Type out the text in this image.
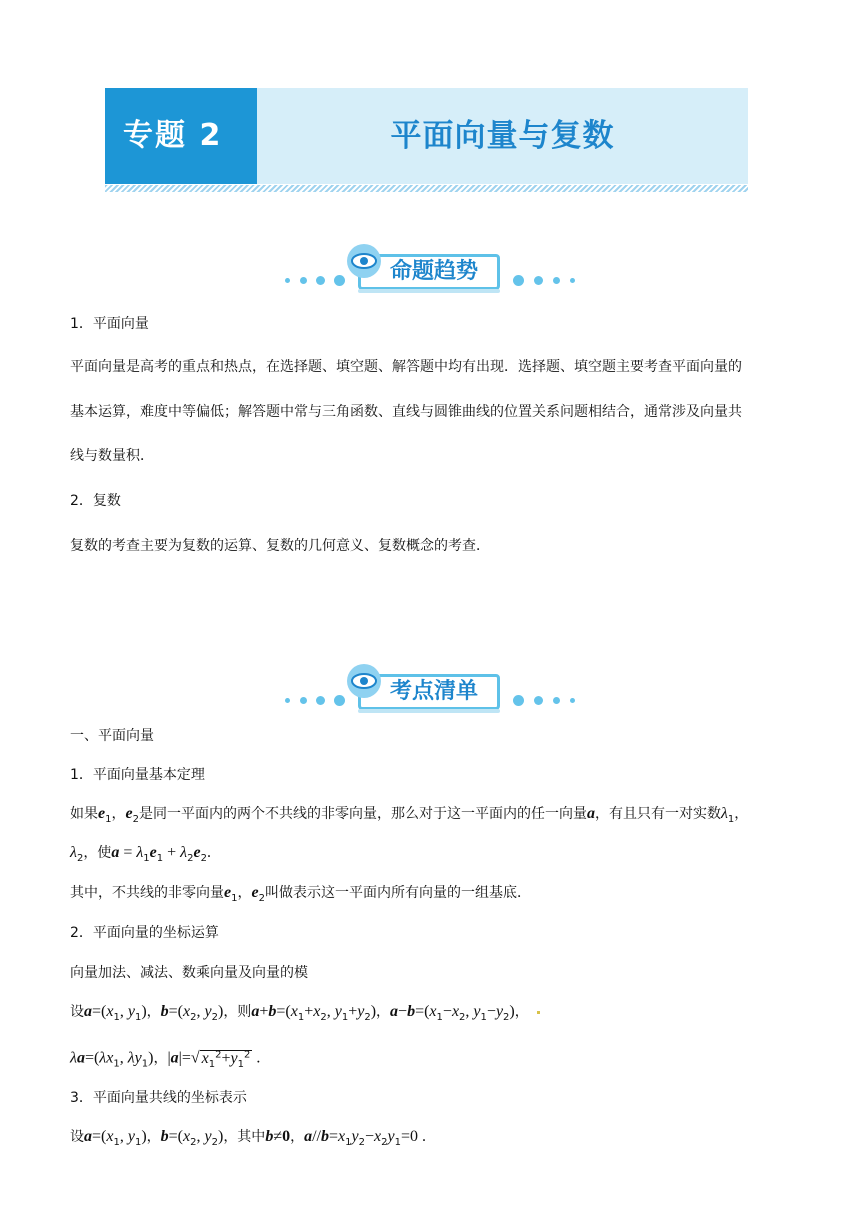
专题 2	平面向量与复数
命题趋势
1．平面向量
平面向量是高考的重点和热点，在选择题、填空题、解答题中均有出现．选择题、填空题主要考查平面向量的
基本运算，难度中等偏低；解答题中常与三角函数、直线与圆锥曲线的位置关系问题相结合，通常涉及向量共
线与数量积．
2．复数
复数的考查主要为复数的运算、复数的几何意义、复数概念的考查．
考点清单
一、平面向量
1．平面向量基本定理
如果$e_1$，$e_2$是同一平面内的两个不共线的非零向量，那么对于这一平面内的任一向量a，有且只有一对实数$\lambda_1$，
$\lambda_2$，使$a = \lambda_1e_1 + \lambda_2e_2$.
其中，不共线的非零向量$e_1$，$e_2$叫做表示这一平面内所有向量的一组基底．
2．平面向量的坐标运算
向量加法、减法、数乘向量及向量的模
设$a=(x_1$, $y_1$)，$b=(x_2$, $y_2$)，则$a+b=(x_1+x_2$, $y_1+y_2$)，$a-b=(x_1-x_2$, $y_1-y_2$)，
$\lambda a=(\lambda x_1$, $\lambda y_1$)，|a|=√ $x_1^2+y_1^2$ .
3．平面向量共线的坐标表示
设$a=(x_1$, $y_1$)，$b=(x_2$, $y_2$)，其中b≠0，$a//b=x_1y_2-x_2y_1=0$ .
